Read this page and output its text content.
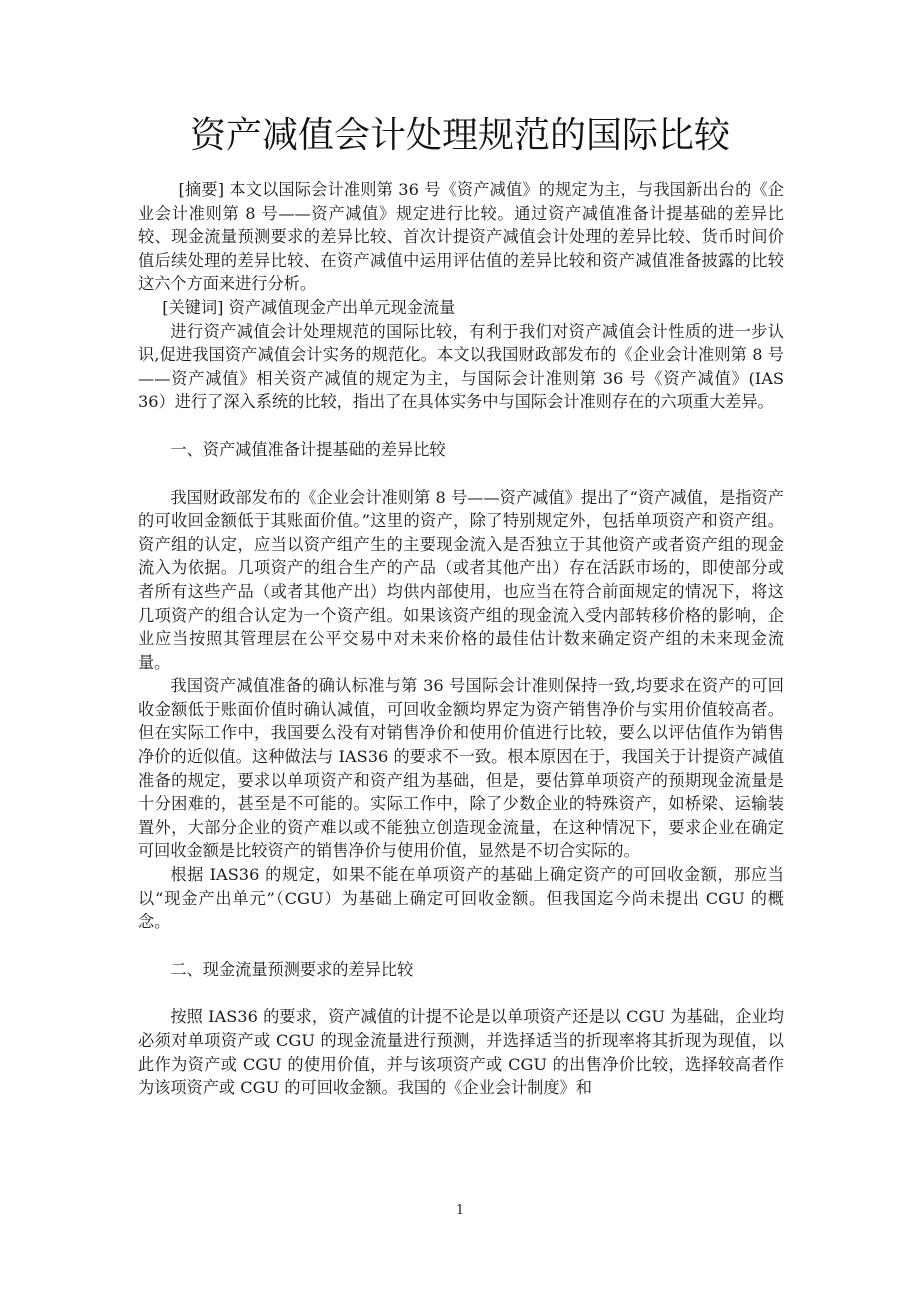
资产减值会计处理规范的国际比较

[摘要] 本文以国际会计准则第 36 号《资产减值》的规定为主，与我国新出台的《企业会计准则第 8 号——资产减值》规定进行比较。通过资产减值准备计提基础的差异比较、现金流量预测要求的差异比较、首次计提资产减值会计处理的差异比较、货币时间价值后续处理的差异比较、在资产减值中运用评估值的差异比较和资产减值准备披露的比较这六个方面来进行分析。

[关键词] 资产减值现金产出单元现金流量

进行资产减值会计处理规范的国际比较，有利于我们对资产减值会计性质的进一步认识,促进我国资产减值会计实务的规范化。本文以我国财政部发布的《企业会计准则第 8 号——资产减值》相关资产减值的规定为主，与国际会计准则第 36 号《资产减值》(IAS 36）进行了深入系统的比较，指出了在具体实务中与国际会计准则存在的六项重大差异。

一、资产减值准备计提基础的差异比较

我国财政部发布的《企业会计准则第 8 号——资产减值》提出了“资产减值，是指资产的可收回金额低于其账面价值。”这里的资产，除了特别规定外，包括单项资产和资产组。资产组的认定，应当以资产组产生的主要现金流入是否独立于其他资产或者资产组的现金流入为依据。几项资产的组合生产的产品（或者其他产出）存在活跃市场的，即使部分或者所有这些产品（或者其他产出）均供内部使用，也应当在符合前面规定的情况下，将这几项资产的组合认定为一个资产组。如果该资产组的现金流入受内部转移价格的影响，企业应当按照其管理层在公平交易中对未来价格的最佳估计数来确定资产组的未来现金流量。

我国资产减值准备的确认标准与第 36 号国际会计准则保持一致,均要求在资产的可回收金额低于账面价值时确认减值，可回收金额均界定为资产销售净价与实用价值较高者。但在实际工作中，我国要么没有对销售净价和使用价值进行比较，要么以评估值作为销售净价的近似值。这种做法与 IAS36 的要求不一致。根本原因在于，我国关于计提资产减值准备的规定，要求以单项资产和资产组为基础，但是，要估算单项资产的预期现金流量是十分困难的，甚至是不可能的。实际工作中，除了少数企业的特殊资产，如桥梁、运输装置外，大部分企业的资产难以或不能独立创造现金流量，在这种情况下，要求企业在确定可回收金额是比较资产的销售净价与使用价值，显然是不切合实际的。

根据 IAS36 的规定，如果不能在单项资产的基础上确定资产的可回收金额，那应当以“现金产出单元”（CGU）为基础上确定可回收金额。但我国迄今尚未提出 CGU 的概念。

二、现金流量预测要求的差异比较

按照 IAS36 的要求，资产减值的计提不论是以单项资产还是以 CGU 为基础，企业均必须对单项资产或 CGU 的现金流量进行预测，并选择适当的折现率将其折现为现值，以此作为资产或 CGU 的使用价值，并与该项资产或 CGU 的出售净价比较，选择较高者作为该项资产或 CGU 的可回收金额。我国的《企业会计制度》和

1
